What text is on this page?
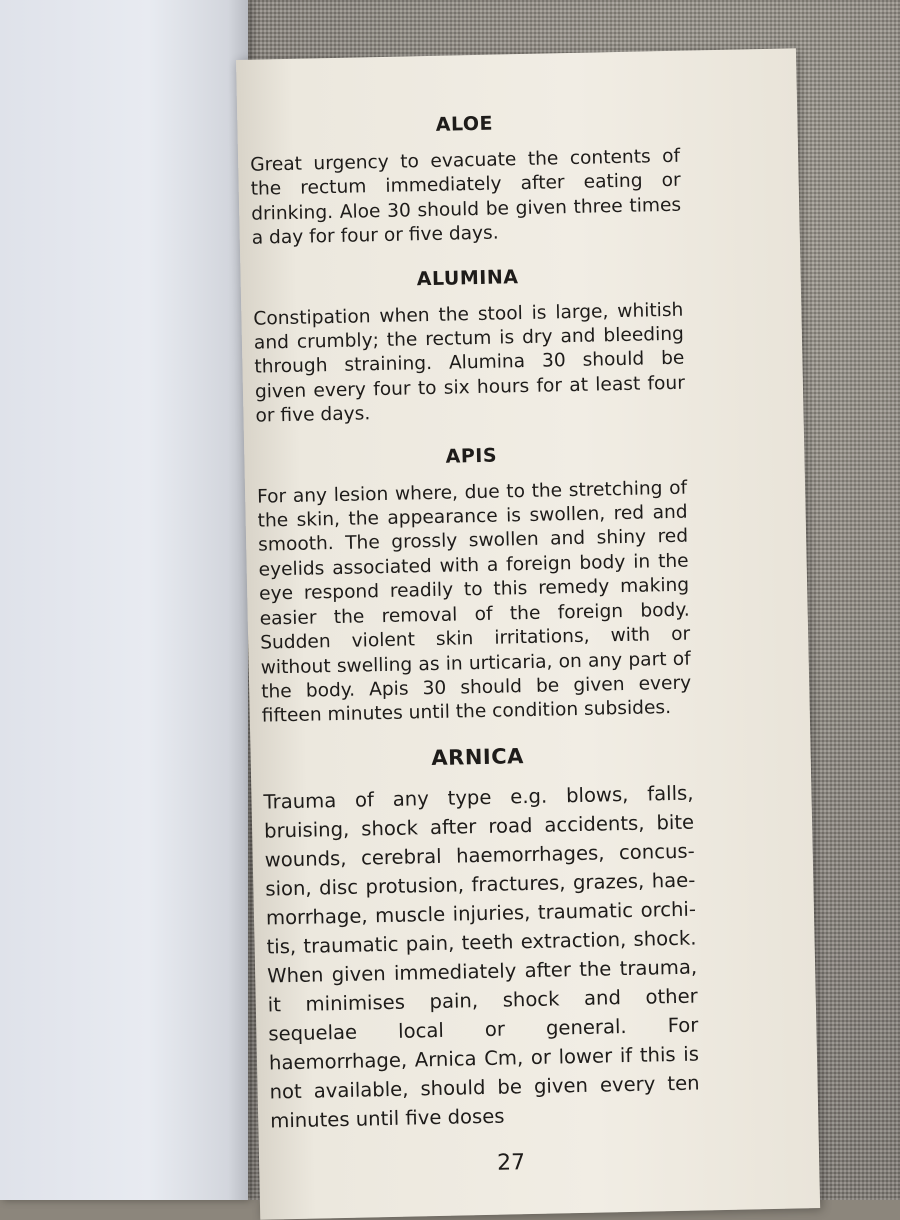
ALOE

Great urgency to evacuate the contents of the rectum immediately after eating or drinking. Aloe 30 should be given three times a day for four or five days.

ALUMINA

Constipation when the stool is large, whitish and crumbly; the rectum is dry and bleeding through straining. Alumina 30 should be given every four to six hours for at least four or five days.

APIS

For any lesion where, due to the stretching of the skin, the appearance is swollen, red and smooth. The grossly swollen and shiny red eyelids associated with a foreign body in the eye respond readily to this remedy making easier the removal of the foreign body. Sudden violent skin irritations, with or without swelling as in urticaria, on any part of the body. Apis 30 should be given every fifteen minutes until the condition subsides.

ARNICA

Trauma of any type e.g. blows, falls, bruising, shock after road accidents, bite wounds, cerebral haemorrhages, concus-sion, disc protusion, fractures, grazes, hae-morrhage, muscle injuries, traumatic orchi-tis, traumatic pain, teeth extraction, shock. When given immediately after the trauma, it minimises pain, shock and other sequelae local or general. For haemorrhage, Arnica Cm, or lower if this is not available, should be given every ten minutes until five doses

27
